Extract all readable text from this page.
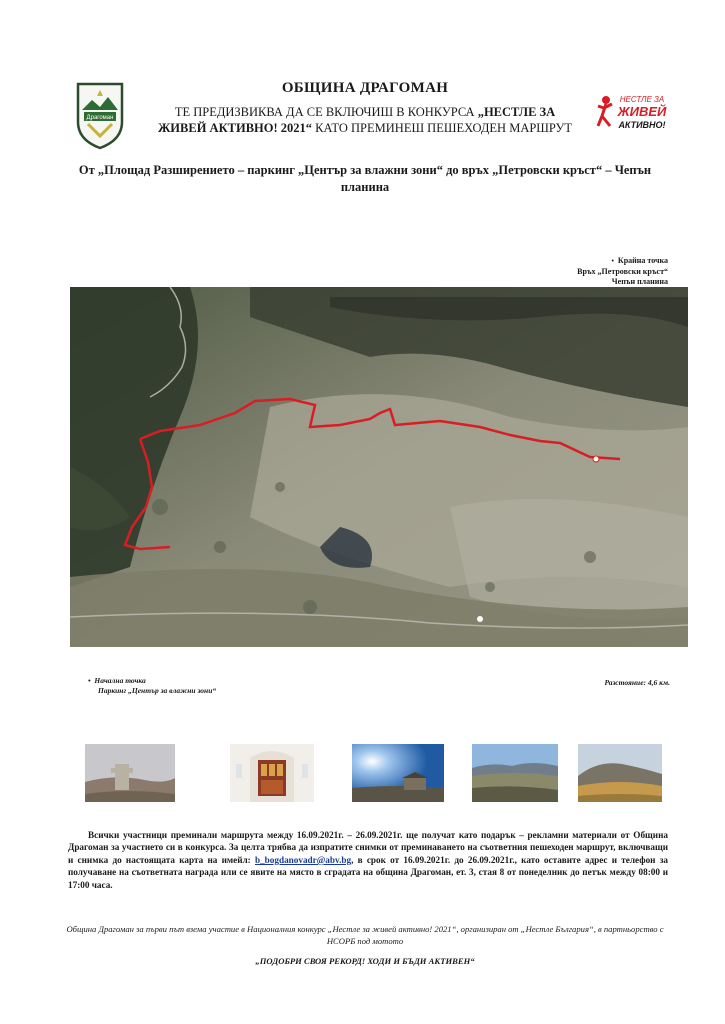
Драгоман
НЕСТЛЕ ЗА
ЖИВЕЙ
АКТИВНО!
ОБЩИНА ДРАГОМАН
ТЕ ПРЕДИЗВИКВА ДА СЕ ВКЛЮЧИШ В КОНКУРСА „НЕСТЛЕ ЗА ЖИВЕЙ АКТИВНО! 2021“ КАТО ПРЕМИНЕШ ПЕШЕХОДЕН МАРШРУТ
От „Площад Разширението – паркинг „Център за влажни зони“ до връх „Петровски кръст“ – Чепън планина
• Крайна точка
Връх „Петровски кръст“
Чепън планина
• Начална точка
Паркинг „Център за влажни зони“
Разстояние: 4,6 км.
Всички участници преминали маршрута между 16.09.2021г. – 26.09.2021г. ще получат като подарък – рекламни материали от Община Драгоман за участието си в конкурса. За целта трябва да изпратите снимки от преминаването на съответния пешеходен маршрут, включващи и снимка до настоящата карта на имейл: b_bogdanovadr@abv.bg, в срок от 16.09.2021г. до 26.09.2021г., като оставите адрес и телефон за получаване на съответната награда или се явите на място в сградата на община Драгоман, ет. 3, стая 8 от понеделник до петък между 08:00 и 17:00 часа.
Община Драгоман за първи път взема участие в Националния конкурс „Нестле за живей активно! 2021“, организиран от „Нестле България“, в партньорство с НСОРБ под мотото
„ПОДОБРИ СВОЯ РЕКОРД! ХОДИ И БЪДИ АКТИВЕН“
